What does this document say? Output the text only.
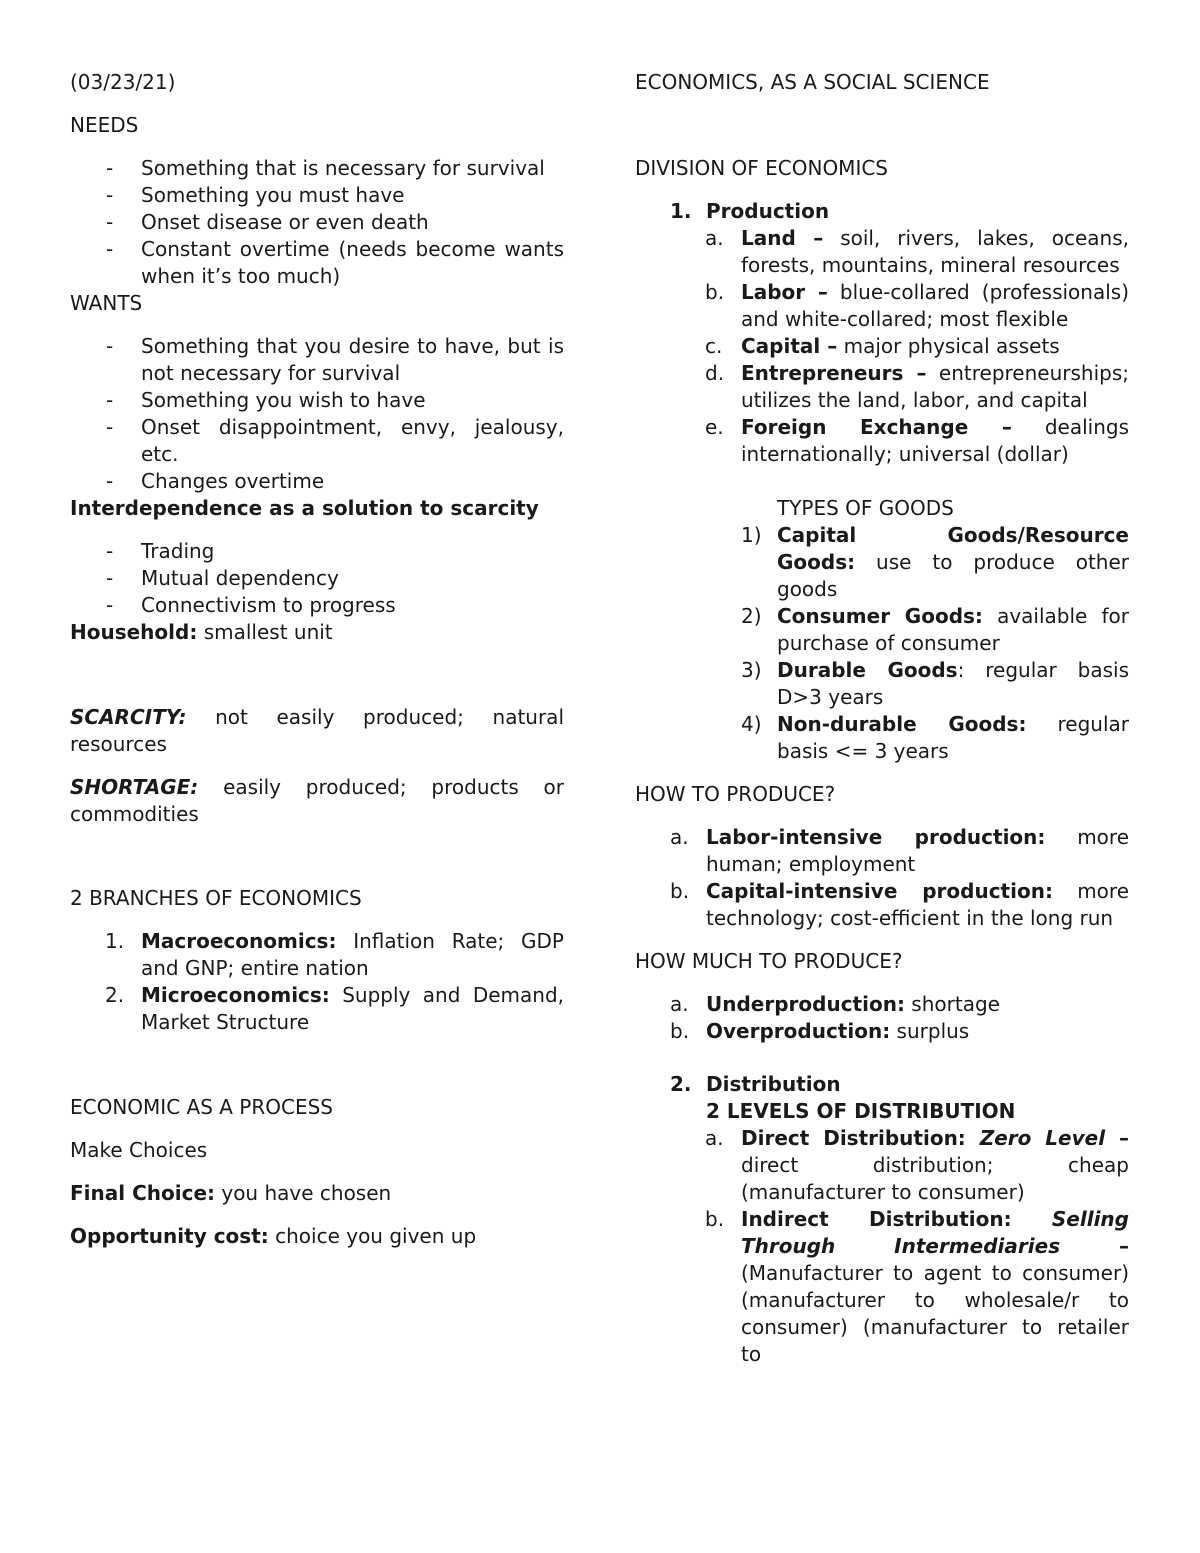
(03/23/21)

NEEDS

- Something that is necessary for survival
- Something you must have
- Onset disease or even death
- Constant overtime (needs become wants when it’s too much)

WANTS

- Something that you desire to have, but is not necessary for survival
- Something you wish to have
- Onset disappointment, envy, jealousy, etc.
- Changes overtime

Interdependence as a solution to scarcity

- Trading
- Mutual dependency
- Connectivism to progress

Household: smallest unit

SCARCITY: not easily produced; natural resources

SHORTAGE: easily produced; products or commodities

2 BRANCHES OF ECONOMICS

1. Macroeconomics: Inflation Rate; GDP and GNP; entire nation
2. Microeconomics: Supply and Demand, Market Structure

ECONOMIC AS A PROCESS

Make Choices

Final Choice: you have chosen

Opportunity cost: choice you given up

ECONOMICS, AS A SOCIAL SCIENCE

DIVISION OF ECONOMICS

1. Production
a. Land – soil, rivers, lakes, oceans, forests, mountains, mineral resources
b. Labor – blue-collared (professionals) and white-collared; most flexible
c. Capital – major physical assets
d. Entrepreneurs – entrepreneurships; utilizes the land, labor, and capital
e. Foreign Exchange – dealings internationally; universal (dollar)

TYPES OF GOODS

1) Capital Goods/Resource Goods: use to produce other goods
2) Consumer Goods: available for purchase of consumer
3) Durable Goods: regular basis D>3 years
4) Non-durable Goods: regular basis <= 3 years

HOW TO PRODUCE?

a. Labor-intensive production: more human; employment
b. Capital-intensive production: more technology; cost-efficient in the long run

HOW MUCH TO PRODUCE?

a. Underproduction: shortage
b. Overproduction: surplus
2. Distribution

2 LEVELS OF DISTRIBUTION

a. Direct Distribution: Zero Level – direct distribution; cheap (manufacturer to consumer)
b. Indirect Distribution: Selling Through Intermediaries – (Manufacturer to agent to consumer) (manufacturer to wholesale/r to consumer) (manufacturer to retailer to
